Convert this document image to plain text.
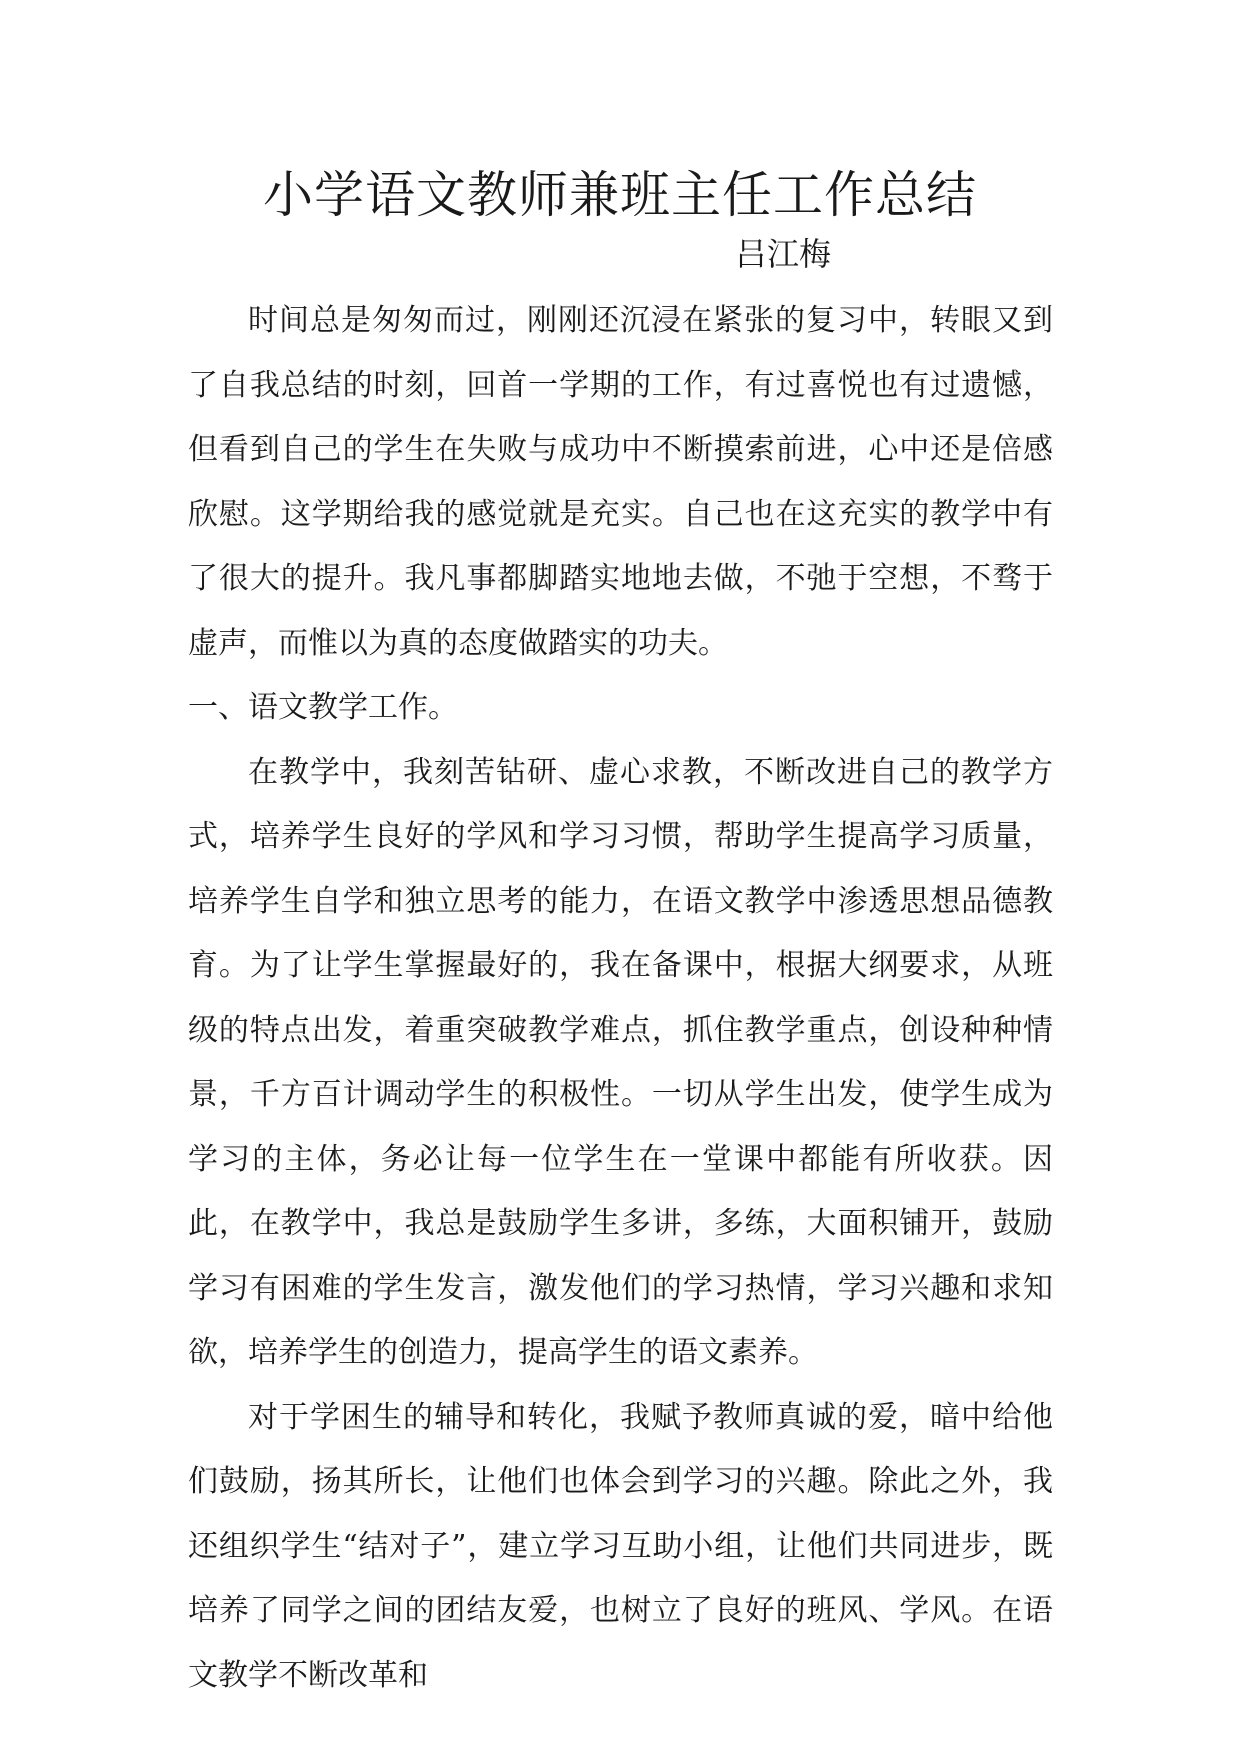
小学语文教师兼班主任工作总结

吕江梅

时间总是匆匆而过，刚刚还沉浸在紧张的复习中，转眼又到了自我总结的时刻，回首一学期的工作，有过喜悦也有过遗憾，但看到自己的学生在失败与成功中不断摸索前进，心中还是倍感欣慰。这学期给我的感觉就是充实。自己也在这充实的教学中有了很大的提升。我凡事都脚踏实地地去做，不弛于空想，不骛于虚声，而惟以为真的态度做踏实的功夫。

一、语文教学工作。

在教学中，我刻苦钻研、虚心求教，不断改进自己的教学方式，培养学生良好的学风和学习习惯，帮助学生提高学习质量，培养学生自学和独立思考的能力，在语文教学中渗透思想品德教育。为了让学生掌握最好的，我在备课中，根据大纲要求，从班级的特点出发，着重突破教学难点，抓住教学重点，创设种种情景，千方百计调动学生的积极性。一切从学生出发，使学生成为学习的主体，务必让每一位学生在一堂课中都能有所收获。因此，在教学中，我总是鼓励学生多讲，多练，大面积铺开，鼓励学习有困难的学生发言，激发他们的学习热情，学习兴趣和求知欲，培养学生的创造力，提高学生的语文素养。

对于学困生的辅导和转化，我赋予教师真诚的爱，暗中给他们鼓励，扬其所长，让他们也体会到学习的兴趣。除此之外，我还组织学生“结对子”，建立学习互助小组，让他们共同进步，既培养了同学之间的团结友爱，也树立了良好的班风、学风。在语文教学不断改革和
